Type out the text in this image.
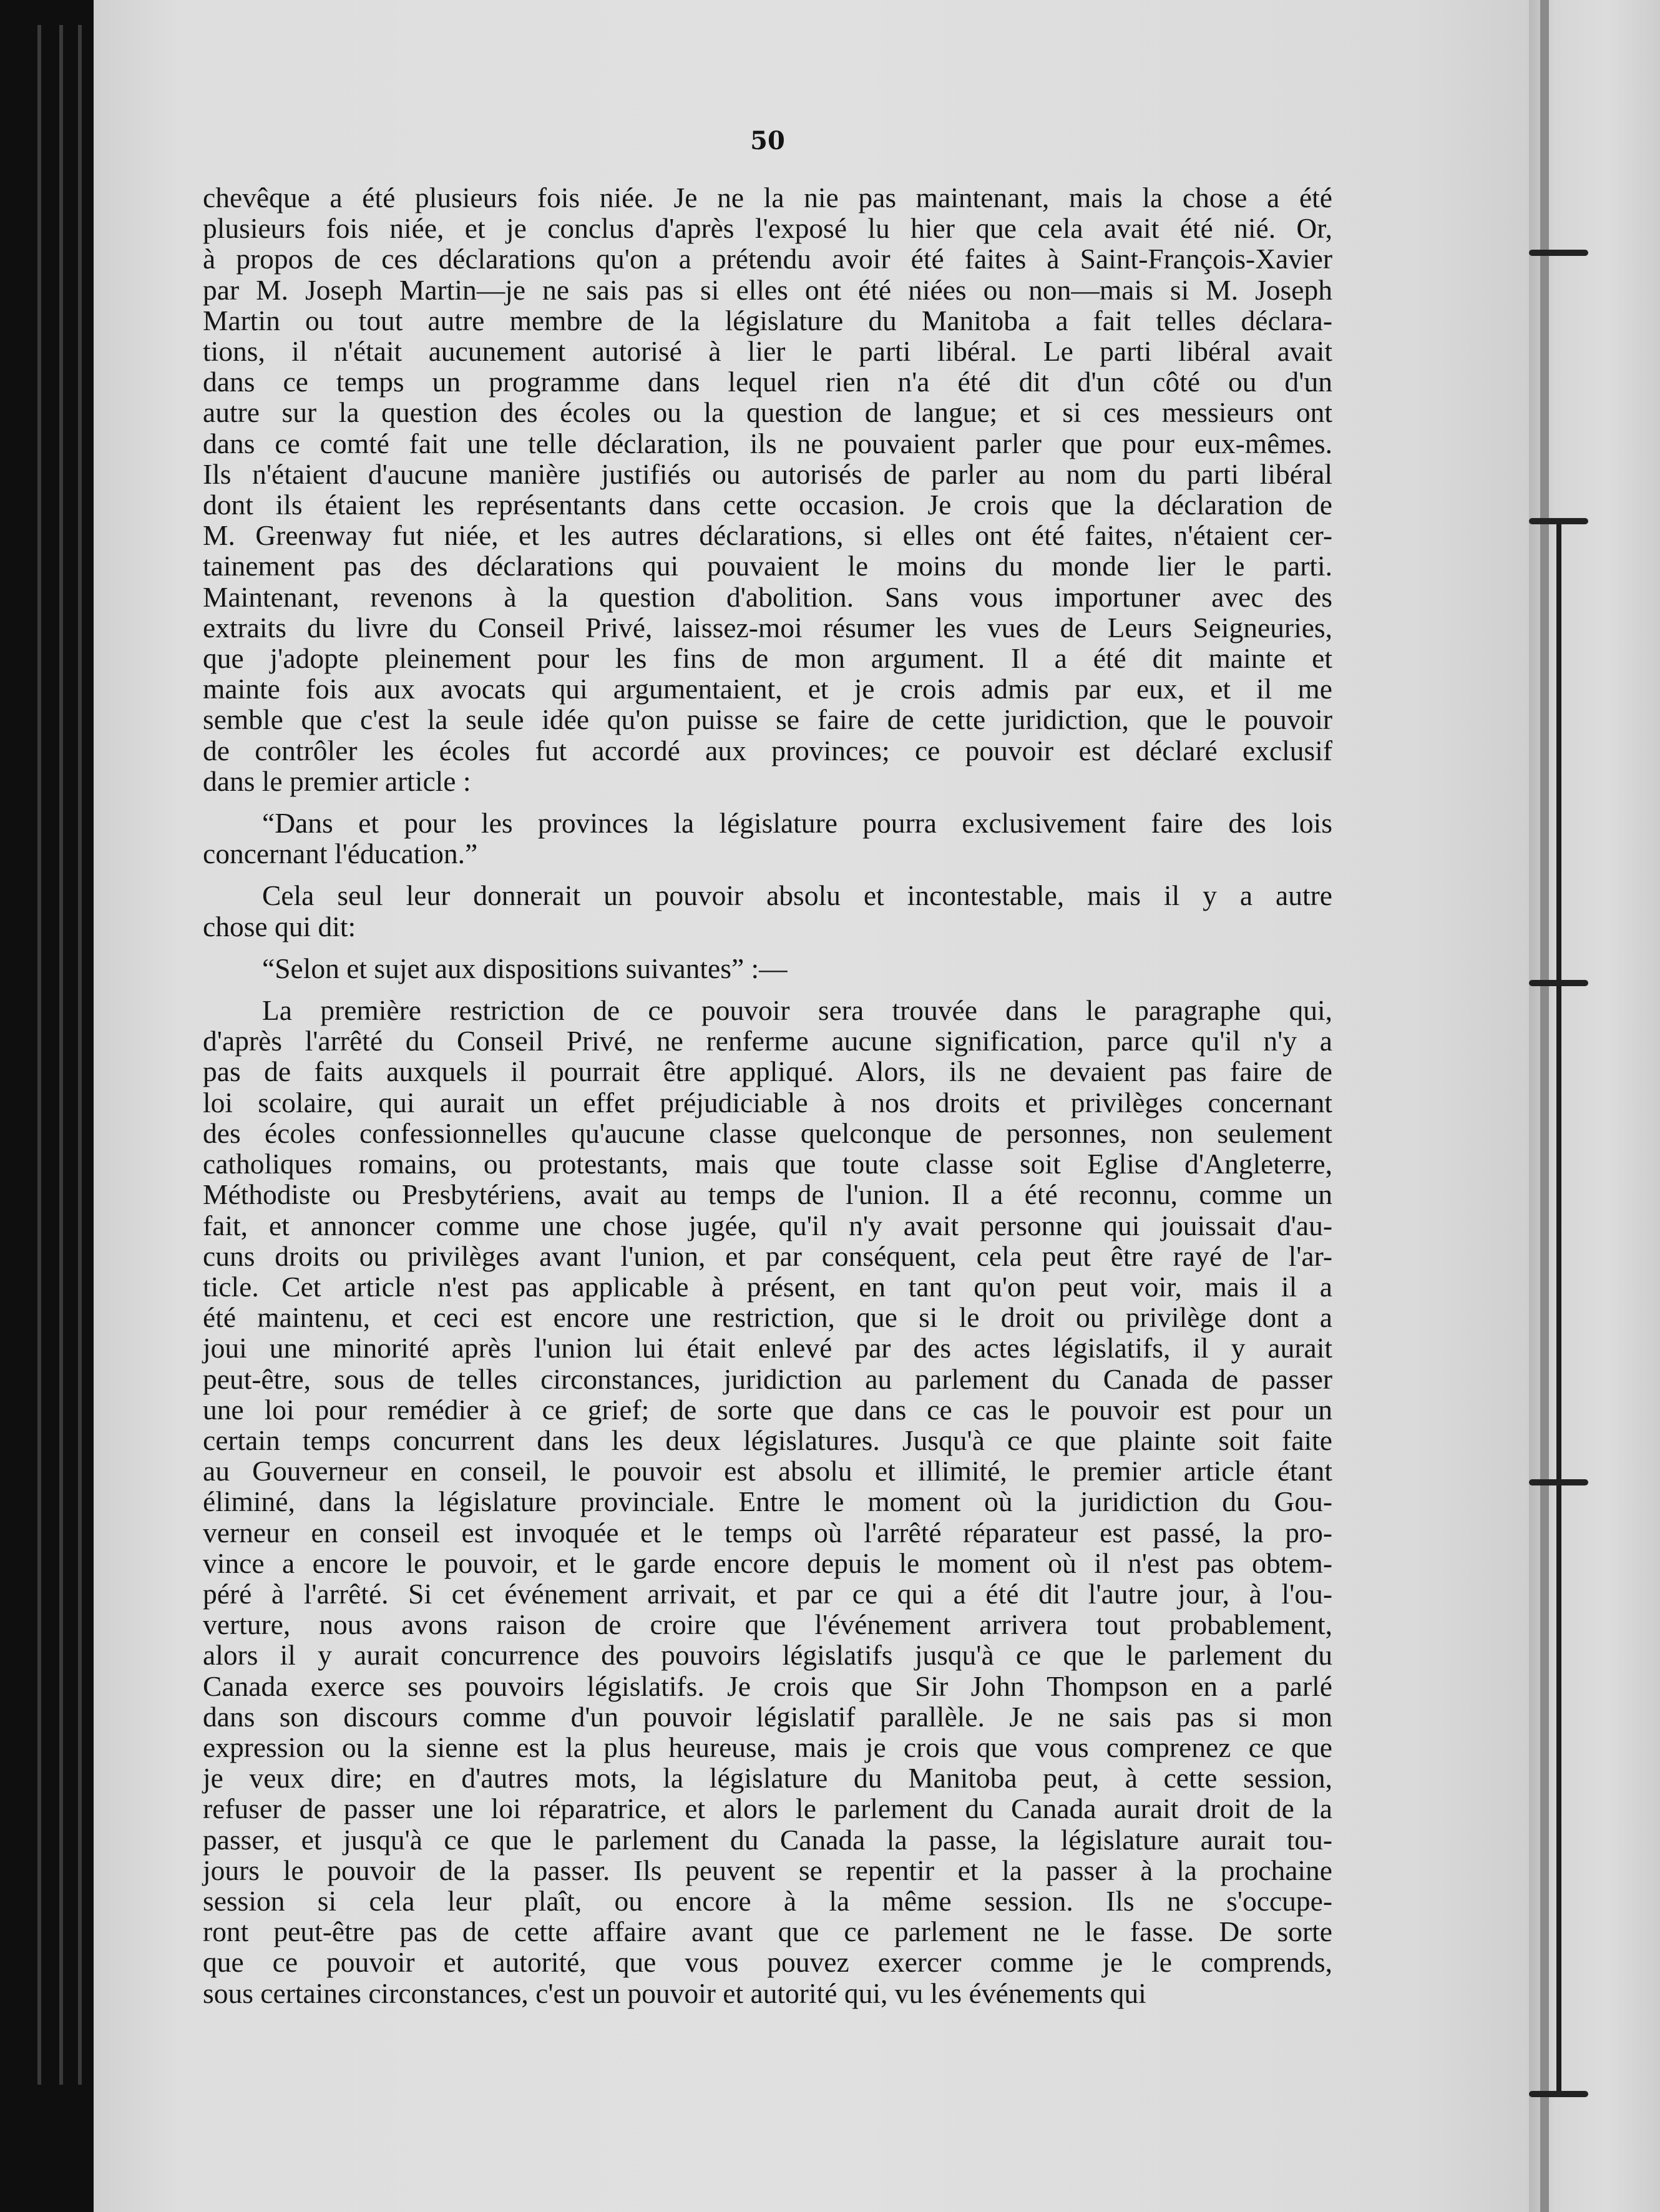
50

chevêque a été plusieurs fois niée. Je ne la nie pas maintenant, mais la chose a été

plusieurs fois niée, et je conclus d'après l'exposé lu hier que cela avait été nié. Or,

à propos de ces déclarations qu'on a prétendu avoir été faites à Saint-François-Xavier

par M. Joseph Martin—je ne sais pas si elles ont été niées ou non—mais si M. Joseph

Martin ou tout autre membre de la législature du Manitoba a fait telles déclara-

tions, il n'était aucunement autorisé à lier le parti libéral. Le parti libéral avait

dans ce temps un programme dans lequel rien n'a été dit d'un côté ou d'un

autre sur la question des écoles ou la question de langue; et si ces messieurs ont

dans ce comté fait une telle déclaration, ils ne pouvaient parler que pour eux-mêmes.

Ils n'étaient d'aucune manière justifiés ou autorisés de parler au nom du parti libéral

dont ils étaient les représentants dans cette occasion. Je crois que la déclaration de

M. Greenway fut niée, et les autres déclarations, si elles ont été faites, n'étaient cer-

tainement pas des déclarations qui pouvaient le moins du monde lier le parti.

Maintenant, revenons à la question d'abolition. Sans vous importuner avec des

extraits du livre du Conseil Privé, laissez-moi résumer les vues de Leurs Seigneuries,

que j'adopte pleinement pour les fins de mon argument. Il a été dit mainte et

mainte fois aux avocats qui argumentaient, et je crois admis par eux, et il me

semble que c'est la seule idée qu'on puisse se faire de cette juridiction, que le pouvoir

de contrôler les écoles fut accordé aux provinces; ce pouvoir est déclaré exclusif

dans le premier article :

“Dans et pour les provinces la législature pourra exclusivement faire des lois

concernant l'éducation.”

Cela seul leur donnerait un pouvoir absolu et incontestable, mais il y a autre

chose qui dit:

“Selon et sujet aux dispositions suivantes” :—

La première restriction de ce pouvoir sera trouvée dans le paragraphe qui,

d'après l'arrêté du Conseil Privé, ne renferme aucune signification, parce qu'il n'y a

pas de faits auxquels il pourrait être appliqué. Alors, ils ne devaient pas faire de

loi scolaire, qui aurait un effet préjudiciable à nos droits et privilèges concernant

des écoles confessionnelles qu'aucune classe quelconque de personnes, non seulement

catholiques romains, ou protestants, mais que toute classe soit Eglise d'Angleterre,

Méthodiste ou Presbytériens, avait au temps de l'union. Il a été reconnu, comme un

fait, et annoncer comme une chose jugée, qu'il n'y avait personne qui jouissait d'au-

cuns droits ou privilèges avant l'union, et par conséquent, cela peut être rayé de l'ar-

ticle. Cet article n'est pas applicable à présent, en tant qu'on peut voir, mais il a

été maintenu, et ceci est encore une restriction, que si le droit ou privilège dont a

joui une minorité après l'union lui était enlevé par des actes législatifs, il y aurait

peut-être, sous de telles circonstances, juridiction au parlement du Canada de passer

une loi pour remédier à ce grief; de sorte que dans ce cas le pouvoir est pour un

certain temps concurrent dans les deux législatures. Jusqu'à ce que plainte soit faite

au Gouverneur en conseil, le pouvoir est absolu et illimité, le premier article étant

éliminé, dans la législature provinciale. Entre le moment où la juridiction du Gou-

verneur en conseil est invoquée et le temps où l'arrêté réparateur est passé, la pro-

vince a encore le pouvoir, et le garde encore depuis le moment où il n'est pas obtem-

péré à l'arrêté. Si cet événement arrivait, et par ce qui a été dit l'autre jour, à l'ou-

verture, nous avons raison de croire que l'événement arrivera tout probablement,

alors il y aurait concurrence des pouvoirs législatifs jusqu'à ce que le parlement du

Canada exerce ses pouvoirs législatifs. Je crois que Sir John Thompson en a parlé

dans son discours comme d'un pouvoir législatif parallèle. Je ne sais pas si mon

expression ou la sienne est la plus heureuse, mais je crois que vous comprenez ce que

je veux dire; en d'autres mots, la législature du Manitoba peut, à cette session,

refuser de passer une loi réparatrice, et alors le parlement du Canada aurait droit de la

passer, et jusqu'à ce que le parlement du Canada la passe, la législature aurait tou-

jours le pouvoir de la passer. Ils peuvent se repentir et la passer à la prochaine

session si cela leur plaît, ou encore à la même session. Ils ne s'occupe-

ront peut-être pas de cette affaire avant que ce parlement ne le fasse. De sorte

que ce pouvoir et autorité, que vous pouvez exercer comme je le comprends,

sous certaines circonstances, c'est un pouvoir et autorité qui, vu les événements qui
